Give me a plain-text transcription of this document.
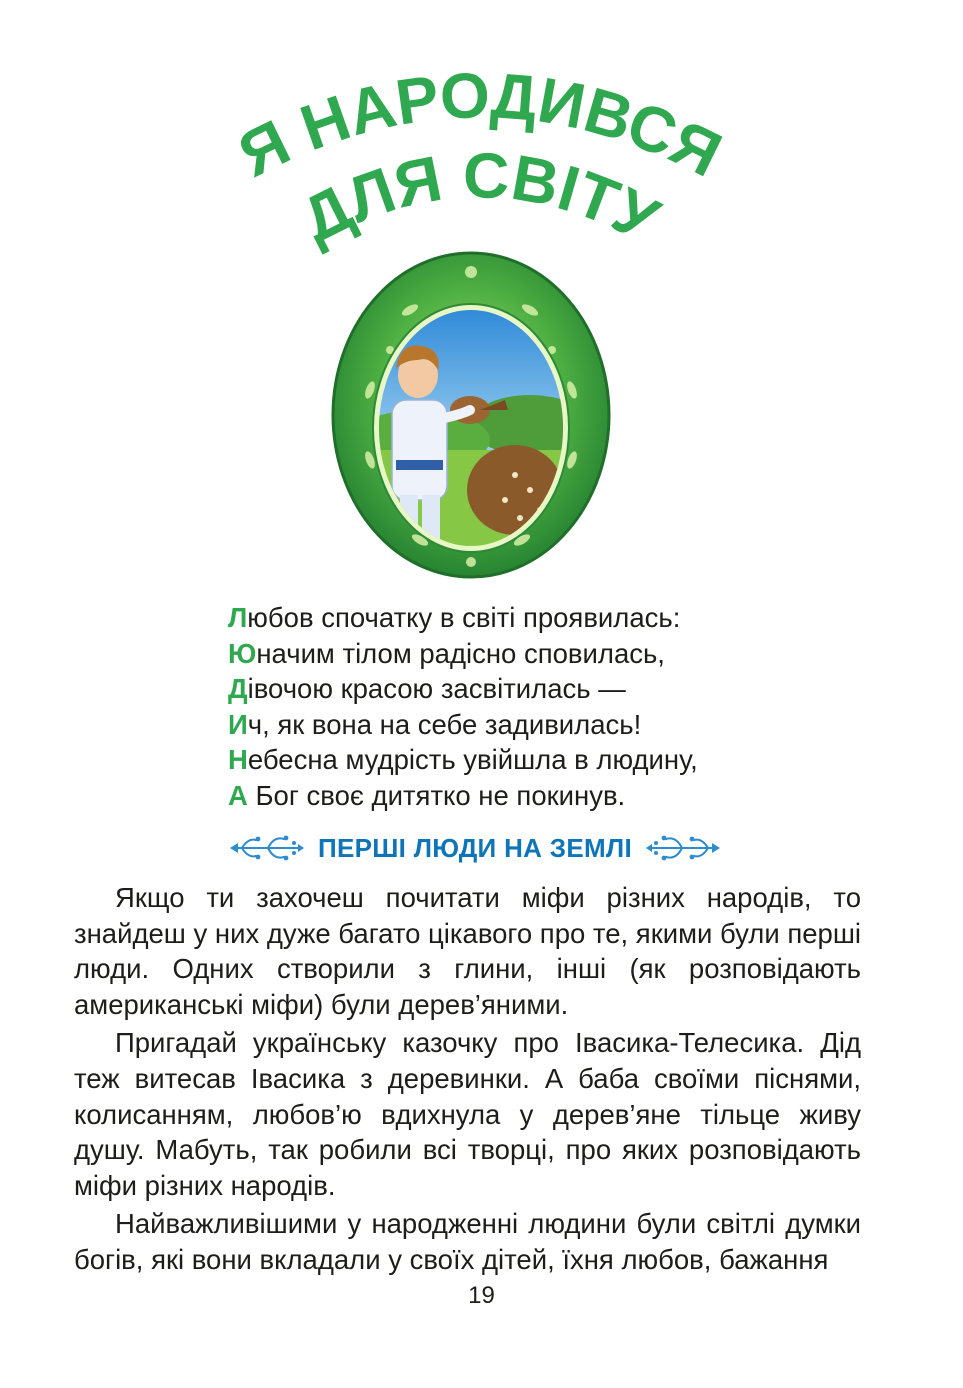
Я НАРОДИВСЯ
ДЛЯ СВІТУ
Любов спочатку в світі проявилась:
Юначим тілом радісно сповилась,
Дівочою красою засвітилась —
Ич, як вона на себе задивилась!
Небесна мудрість увійшла в людину,
А Бог своє дитятко не покинув.
ПЕРШІ ЛЮДИ НА ЗЕМЛІ

Якщо ти захочеш почитати міфи різних народів, то знайдеш у них дуже багато цікавого про те, якими були перші люди. Одних створили з глини, інші (як розповідають американські міфи) були дерев’яними.

Пригадай українську казочку про Івасика-Телесика. Дід теж витесав Івасика з деревинки. А баба своїми піснями, колисанням, любов’ю вдихнула у дерев’яне тільце живу душу. Мабуть, так робили всі творці, про яких розповідають міфи різних народів.

Найважливішими у народженні людини були світлі думки богів, які вони вкладали у своїх дітей, їхня любов, бажання

19
